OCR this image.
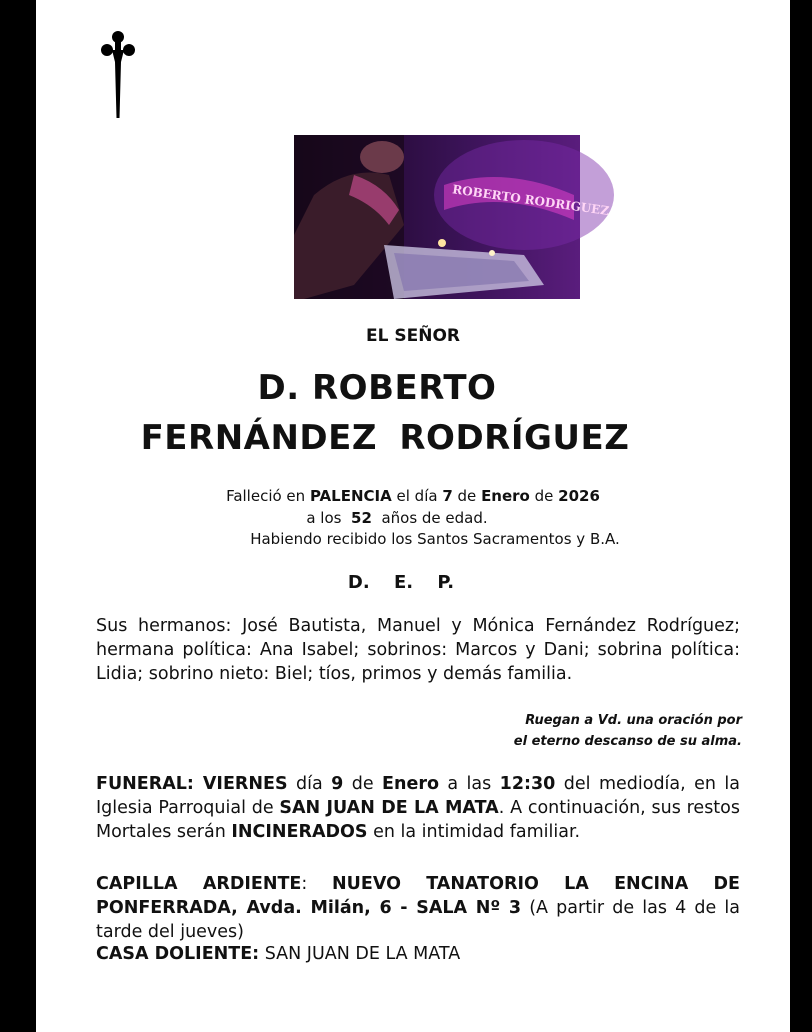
ROBERTO RODRIGUEZ
EL SEÑOR
D. ROBERTO
FERNÁNDEZ RODRÍGUEZ
Falleció en PALENCIA el día 7 de Enero de 2026
a los  52  años de edad.
Habiendo recibido los Santos Sacramentos y B.A.
D. E. P.
Sus hermanos: José Bautista, Manuel y Mónica Fernández Rodríguez; hermana política: Ana Isabel; sobrinos: Marcos y Dani; sobrina política: Lidia; sobrino nieto: Biel; tíos, primos y demás familia.
Ruegan a Vd. una oración por
el eterno descanso de su alma.
FUNERAL: VIERNES día 9 de Enero a las 12:30 del mediodía, en la Iglesia Parroquial de SAN JUAN DE LA MATA. A continuación, sus restos Mortales serán INCINERADOS en la intimidad familiar.
CAPILLA ARDIENTE: NUEVO TANATORIO LA ENCINA DE PONFERRADA, Avda. Milán, 6 - SALA Nº 3 (A partir de las 4 de la tarde del jueves)
CASA DOLIENTE: SAN JUAN DE LA MATA
